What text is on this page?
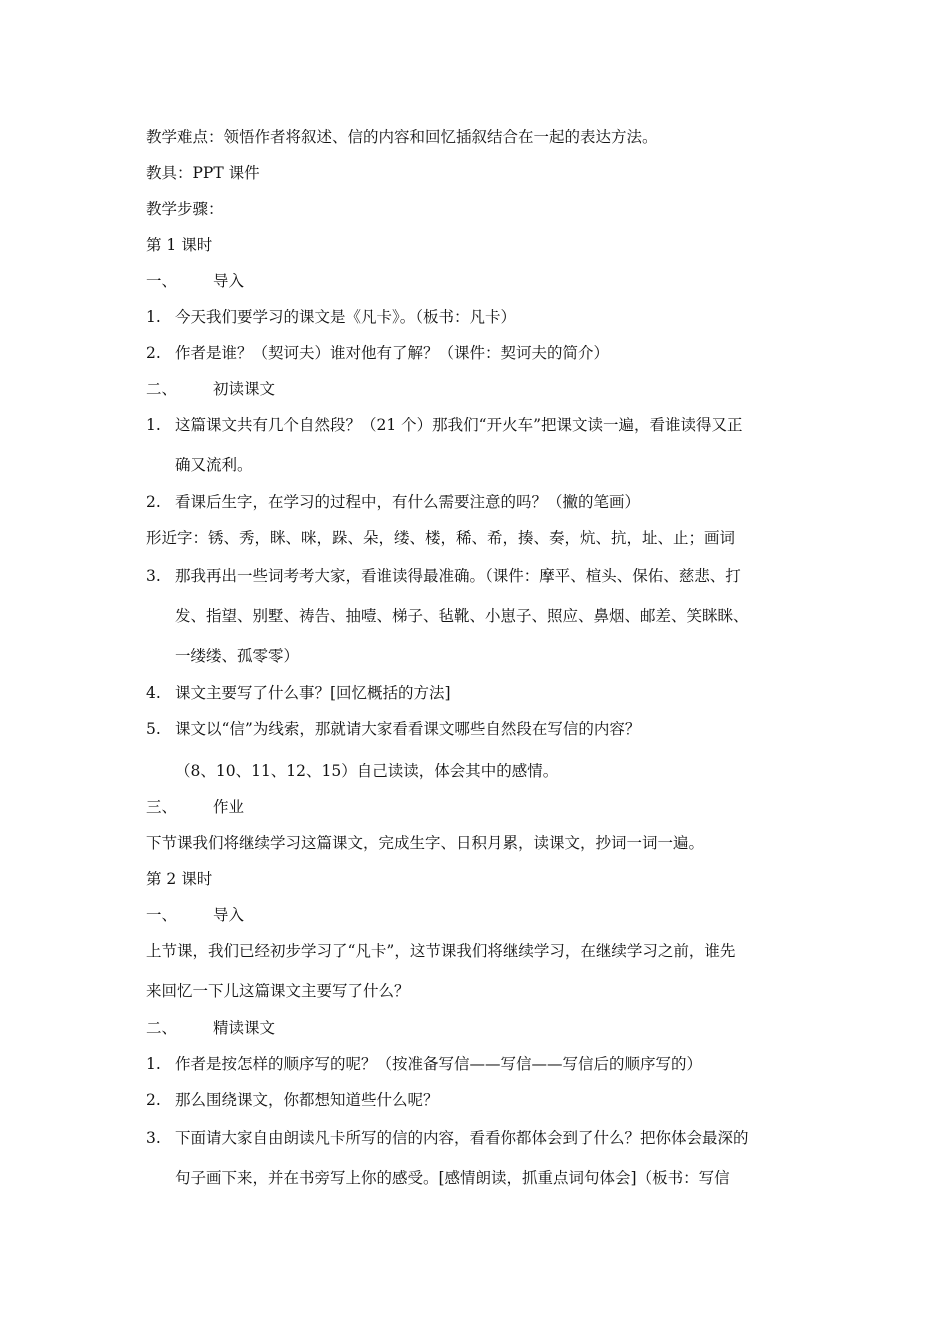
教学难点：领悟作者将叙述、信的内容和回忆插叙结合在一起的表达方法。
教具：PPT 课件
教学步骤：
第 1 课时
一、 导入
1. 今天我们要学习的课文是《凡卡》。（板书：凡卡）
2. 作者是谁？（契诃夫）谁对他有了解？（课件：契诃夫的简介）
二、 初读课文
1. 这篇课文共有几个自然段？（21 个）那我们“开火车”把课文读一遍，看谁读得又正
确又流利。
2. 看课后生字，在学习的过程中，有什么需要注意的吗？（撇的笔画）
形近字：锈、秀，眯、咪，跺、朵，缕、楼，稀、希，揍、奏，炕、抗，址、止；画词
3. 那我再出一些词考考大家，看谁读得最准确。（课件：摩平、楦头、保佑、慈悲、打
发、指望、别墅、祷告、抽噎、梯子、毡靴、小崽子、照应、鼻烟、邮差、笑眯眯、
一缕缕、孤零零）
4. 课文主要写了什么事？[回忆概括的方法]
5. 课文以“信”为线索，那就请大家看看课文哪些自然段在写信的内容？
（8、10、11、12、15）自己读读，体会其中的感情。
三、 作业
下节课我们将继续学习这篇课文，完成生字、日积月累，读课文，抄词一词一遍。
第 2 课时
一、 导入
上节课，我们已经初步学习了“凡卡”，这节课我们将继续学习，在继续学习之前，谁先
来回忆一下儿这篇课文主要写了什么？
二、 精读课文
1. 作者是按怎样的顺序写的呢？（按准备写信——写信——写信后的顺序写的）
2. 那么围绕课文，你都想知道些什么呢？
3. 下面请大家自由朗读凡卡所写的信的内容，看看你都体会到了什么？把你体会最深的
句子画下来，并在书旁写上你的感受。[感情朗读，抓重点词句体会]（板书：写信
